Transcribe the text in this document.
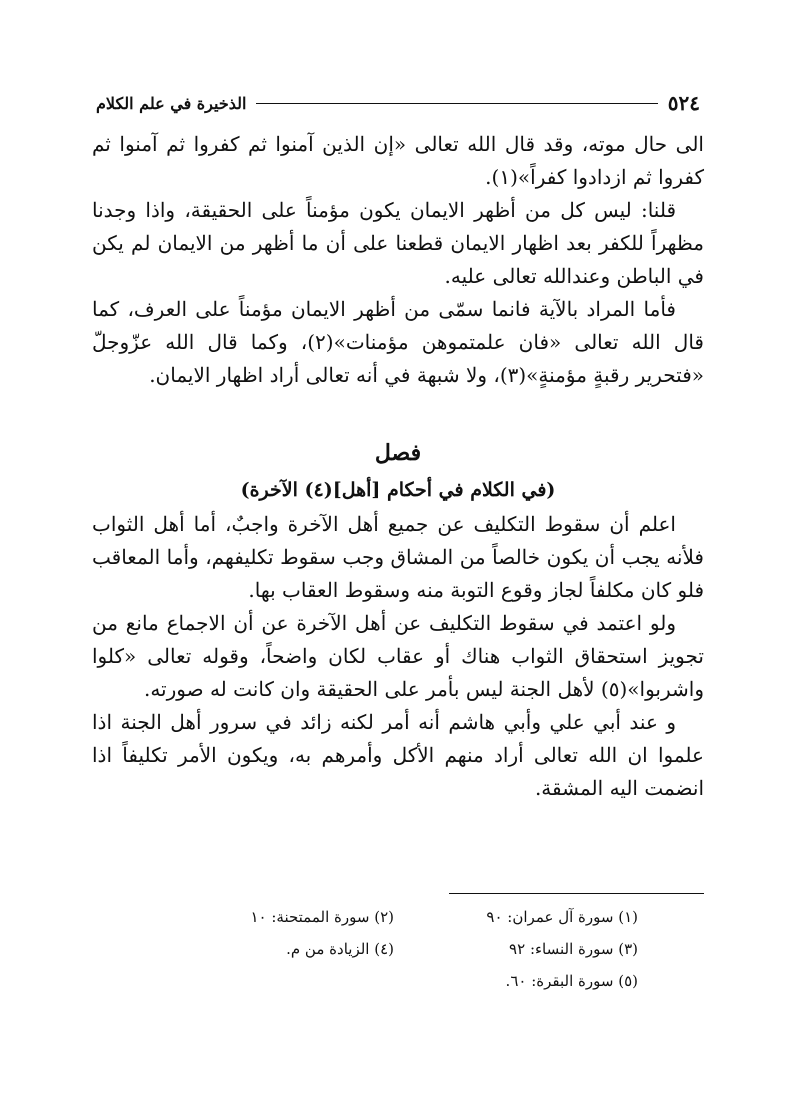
٥٢٤
الذخيرة في علم الكلام

الى حال موته، وقد قال الله تعالى «إن الذين آمنوا ثم كفروا ثم آمنوا ثم كفروا ثم ازدادوا كفراً»(١).

قلنا: ليس كل من أظهر الايمان يكون مؤمناً على الحقيقة، واذا وجدنا مظهراً للكفر بعد اظهار الايمان قطعنا على أن ما أظهر من الايمان لم يكن في الباطن وعندالله تعالى عليه.

فأما المراد بالآية فانما سمّى من أظهر الايمان مؤمناً على العرف، كما قال الله تعالى «فان علمتموهن مؤمنات»(٢)، وكما قال الله عزّوجلّ «فتحرير رقبةٍ مؤمنةٍ»(٣)، ولا شبهة في أنه تعالى أراد اظهار الايمان.

فصل
(في الكلام في أحكام [أهل](٤) الآخرة)

اعلم أن سقوط التكليف عن جميع أهل الآخرة واجبٌ، أما أهل الثواب فلأنه يجب أن يكون خالصاً من المشاق وجب سقوط تكليفهم، وأما المعاقب فلو كان مكلفاً لجاز وقوع التوبة منه وسقوط العقاب بها.

ولو اعتمد في سقوط التكليف عن أهل الآخرة عن أن الاجماع مانع من تجويز استحقاق الثواب هناك أو عقاب لكان واضحاً، وقوله تعالى «كلوا واشربوا»(٥) لأهل الجنة ليس بأمر على الحقيقة وان كانت له صورته.

و عند أبي علي وأبي هاشم أنه أمر لكنه زائد في سرور أهل الجنة اذا علموا ان الله تعالى أراد منهم الأكل وأمرهم به، ويكون الأمر تكليفاً اذا انضمت اليه المشقة.

(١) سورة آل عمران: ٩٠
(٢) سورة الممتحنة: ١٠
(٣) سورة النساء: ٩٢
(٤) الزيادة من م.
(٥) سورة البقرة: ٦٠.
